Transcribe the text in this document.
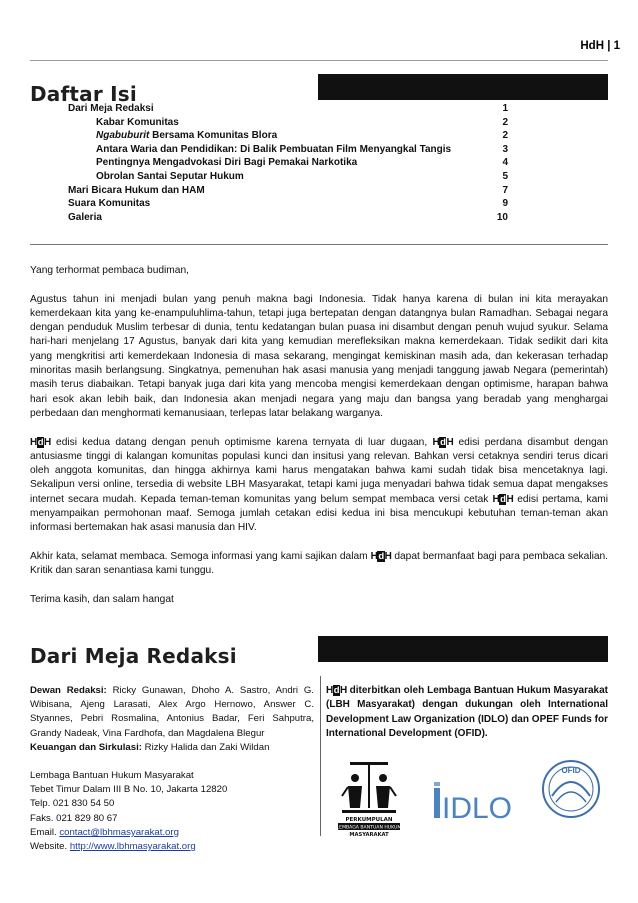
HdH | 1
Daftar Isi
Dari Meja Redaksi	1
Kabar Komunitas	2
Ngabuburit Bersama Komunitas Blora	2
Antara Waria dan Pendidikan: Di Balik Pembuatan Film Menyangkal Tangis	3
Pentingnya Mengadvokasi Diri Bagi Pemakai Narkotika	4
Obrolan Santai Seputar Hukum	5
Mari Bicara Hukum dan HAM	7
Suara Komunitas	9
Galeria	10

Yang terhormat pembaca budiman,

Agustus tahun ini menjadi bulan yang penuh makna bagi Indonesia. Tidak hanya karena di bulan ini kita merayakan kemerdekaan kita yang ke-enampuluhlima-tahun, tetapi juga bertepatan dengan datangnya bulan Ramadhan. Sebagai negara dengan penduduk Muslim terbesar di dunia, tentu kedatangan bulan puasa ini disambut dengan penuh wujud syukur. Selama hari-hari menjelang 17 Agustus, banyak dari kita yang kemudian merefleksikan makna kemerdekaan. Tidak sedikit dari kita yang mengkritisi arti kemerdekaan Indonesia di masa sekarang, mengingat kemiskinan masih ada, dan kekerasan terhadap minoritas masih berlangsung. Singkatnya, pemenuhan hak asasi manusia yang menjadi tanggung jawab Negara (pemerintah) masih terus diabaikan. Tetapi banyak juga dari kita yang mencoba mengisi kemerdekaan dengan optimisme, harapan bahwa hari esok akan lebih baik, dan Indonesia akan menjadi negara yang maju dan bangsa yang beradab yang menghargai perbedaan dan menghormati kemanusiaan, terlepas latar belakang warganya.

HdH edisi kedua datang dengan penuh optimisme karena ternyata di luar dugaan, HdH edisi perdana disambut dengan antusiasme tinggi di kalangan komunitas populasi kunci dan insitusi yang relevan. Bahkan versi cetaknya sendiri terus dicari oleh anggota komunitas, dan hingga akhirnya kami harus mengatakan bahwa kami sudah tidak bisa mencetaknya lagi. Sekalipun versi online, tersedia di website LBH Masyarakat, tetapi kami juga menyadari bahwa tidak semua dapat mengakses internet secara mudah. Kepada teman-teman komunitas yang belum sempat membaca versi cetak HdH edisi pertama, kami menyampaikan permohonan maaf. Semoga jumlah cetakan edisi kedua ini bisa mencukupi kebutuhan teman-teman akan informasi bertemakan hak asasi manusia dan HIV.

Akhir kata, selamat membaca. Semoga informasi yang kami sajikan dalam HdH dapat bermanfaat bagi para pembaca sekalian. Kritik dan saran senantiasa kami tunggu.

Terima kasih, dan salam hangat

Dari Meja Redaksi

Dewan Redaksi: Ricky Gunawan, Dhoho A. Sastro, Andri G. Wibisana, Ajeng Larasati, Alex Argo Hernowo, Answer C. Styannes, Pebri Rosmalina, Antonius Badar, Feri Sahputra, Grandy Nadeak, Vina Fardhofa, dan Magdalena Blegur

Keuangan dan Sirkulasi: Rizky Halida dan Zaki Wildan

Lembaga Bantuan Hukum Masyarakat

Tebet Timur Dalam III B No. 10, Jakarta 12820

Telp. 021 830 54 50

Faks. 021 829 80 67

Email. contact@lbhmasyarakat.org

Website. http://www.lbhmasyarakat.org

HdH diterbitkan oleh Lembaga Bantuan Hukum Masyarakat (LBH Masyarakat) dengan dukungan oleh International Development Law Organization (IDLO) dan OPEF Funds for International Development (OFID).

PERKUMPULAN
LEMBAGA BANTUAN HUKUM
MASYARAKAT
IDLO
OFID
